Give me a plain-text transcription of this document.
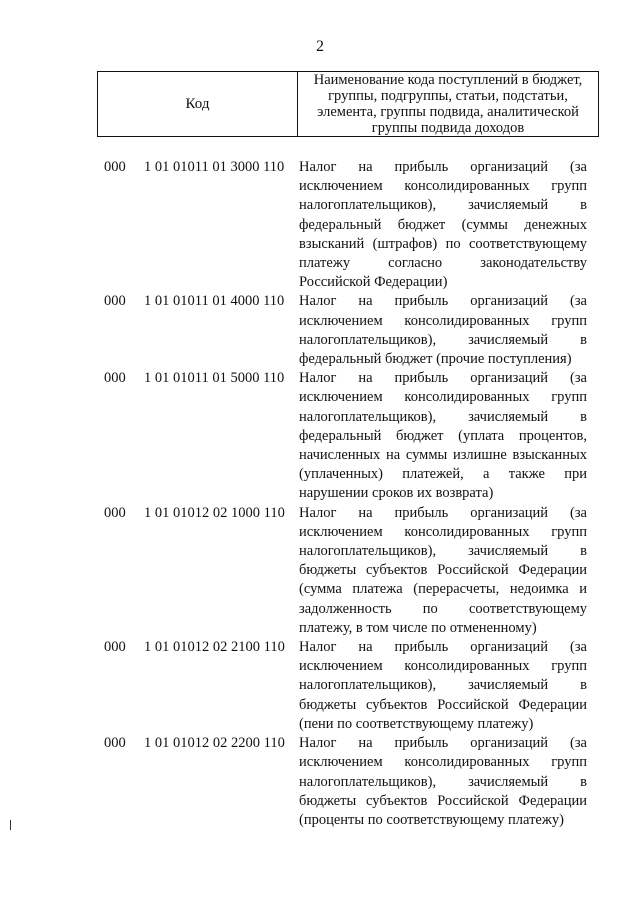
2
Код	Наименование кода поступлений в бюджет, группы, подгруппы, статьи, подстатьи, элемента, группы подвида, аналитической группы подвида доходов
000	1 01 01011 01 3000 110	Налог на прибыль организаций (за исключением консолидированных групп налогоплательщиков), зачисляемый в федеральный бюджет (суммы денежных взысканий (штрафов) по соответствующему платежу согласно законодательству Российской Федерации)
000	1 01 01011 01 4000 110	Налог на прибыль организаций (за исключением консолидированных групп налогоплательщиков), зачисляемый в федеральный бюджет (прочие поступления)
000	1 01 01011 01 5000 110	Налог на прибыль организаций (за исключением консолидированных групп налогоплательщиков), зачисляемый в федеральный бюджет (уплата процентов, начисленных на суммы излишне взысканных (уплаченных) платежей, а также при нарушении сроков их возврата)
000	1 01 01012 02 1000 110 Налог на прибыль организаций (за исключением консолидированных групп налогоплательщиков), зачисляемый в бюджеты субъектов Российской Федерации (сумма платежа (перерасчеты, недоимка и задолженность по соответствующему платежу, в том числе по отмененному)
000	1 01 01012 02 2100 110 Налог на прибыль организаций (за исключением консолидированных групп налогоплательщиков), зачисляемый в бюджеты субъектов Российской Федерации (пени по соответствующему платежу)
000	1 01 01012 02 2200 110 Налог на прибыль организаций (за исключением консолидированных групп налогоплательщиков), зачисляемый в бюджеты субъектов Российской Федерации (проценты по соответствующему платежу)
